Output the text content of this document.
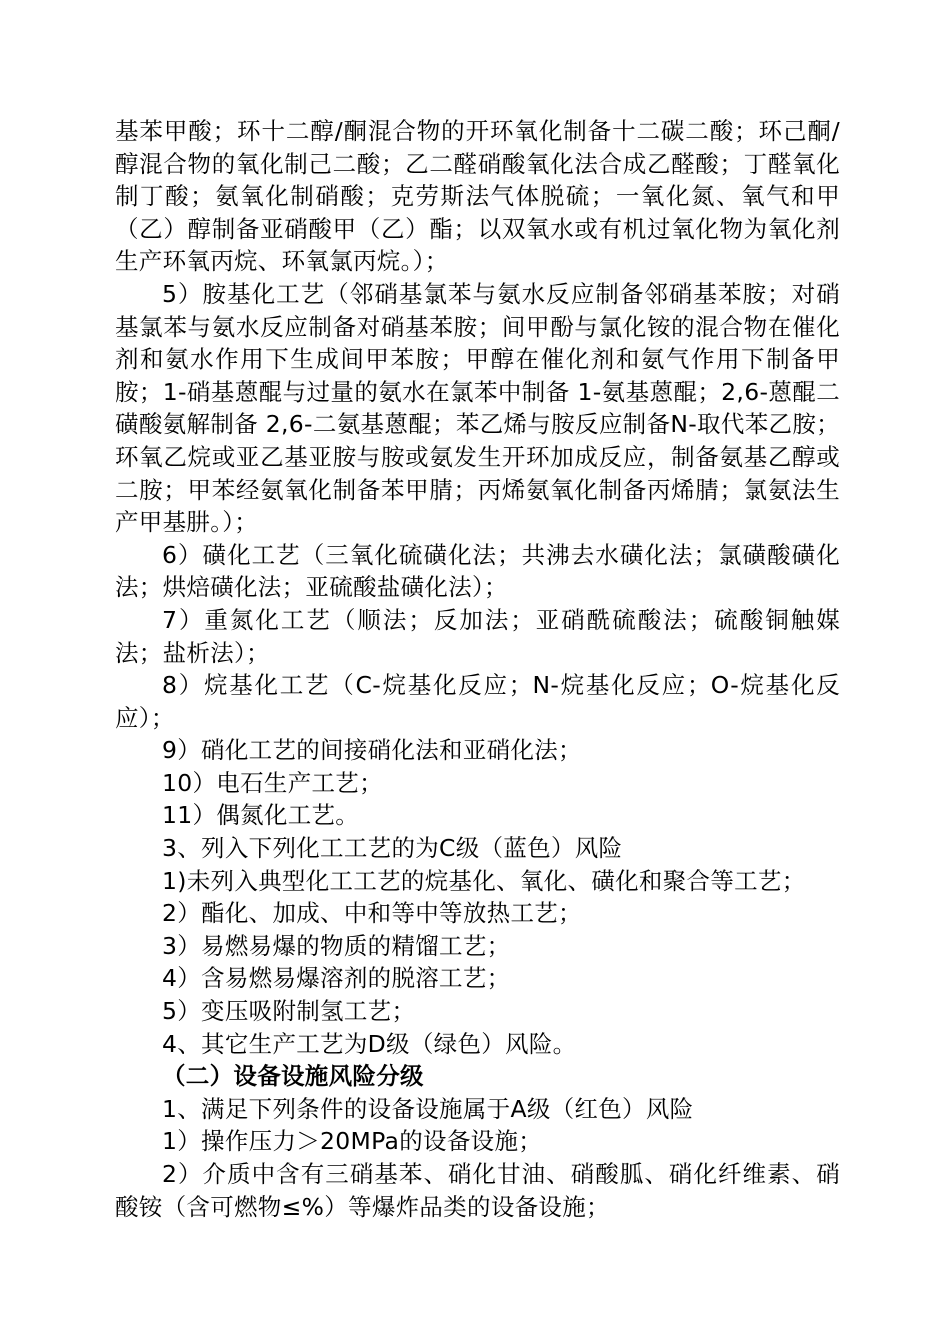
基苯甲酸；环十二醇/酮混合物的开环氧化制备十二碳二酸；环己酮/醇混合物的氧化制己二酸；乙二醛硝酸氧化法合成乙醛酸；丁醛氧化制丁酸；氨氧化制硝酸；克劳斯法气体脱硫；一氧化氮、氧气和甲（乙）醇制备亚硝酸甲（乙）酯；以双氧水或有机过氧化物为氧化剂生产环氧丙烷、环氧氯丙烷。）；

5）胺基化工艺（邻硝基氯苯与氨水反应制备邻硝基苯胺；对硝基氯苯与氨水反应制备对硝基苯胺；间甲酚与氯化铵的混合物在催化剂和氨水作用下生成间甲苯胺；甲醇在催化剂和氨气作用下制备甲胺；1-硝基蒽醌与过量的氨水在氯苯中制备 1-氨基蒽醌；2,6-蒽醌二磺酸氨解制备 2,6-二氨基蒽醌；苯乙烯与胺反应制备N-取代苯乙胺；环氧乙烷或亚乙基亚胺与胺或氨发生开环加成反应，制备氨基乙醇或二胺；甲苯经氨氧化制备苯甲腈；丙烯氨氧化制备丙烯腈；氯氨法生产甲基肼。）；

6）磺化工艺（三氧化硫磺化法；共沸去水磺化法；氯磺酸磺化法；烘焙磺化法；亚硫酸盐磺化法）；

7）重氮化工艺（顺法；反加法；亚硝酰硫酸法；硫酸铜触媒法；盐析法）；

8）烷基化工艺（C-烷基化反应；N-烷基化反应；O-烷基化反应）；

9）硝化工艺的间接硝化法和亚硝化法；

10）电石生产工艺；

11）偶氮化工艺。

3、列入下列化工工艺的为C级（蓝色）风险

1)未列入典型化工工艺的烷基化、氧化、磺化和聚合等工艺；

2）酯化、加成、中和等中等放热工艺；

3）易燃易爆的物质的精馏工艺；

4）含易燃易爆溶剂的脱溶工艺；

5）变压吸附制氢工艺；

4、其它生产工艺为D级（绿色）风险。

（二）设备设施风险分级

1、满足下列条件的设备设施属于A级（红色）风险

1）操作压力＞20MPa的设备设施；

2）介质中含有三硝基苯、硝化甘油、硝酸胍、硝化纤维素、硝酸铵（含可燃物≤%）等爆炸品类的设备设施；
